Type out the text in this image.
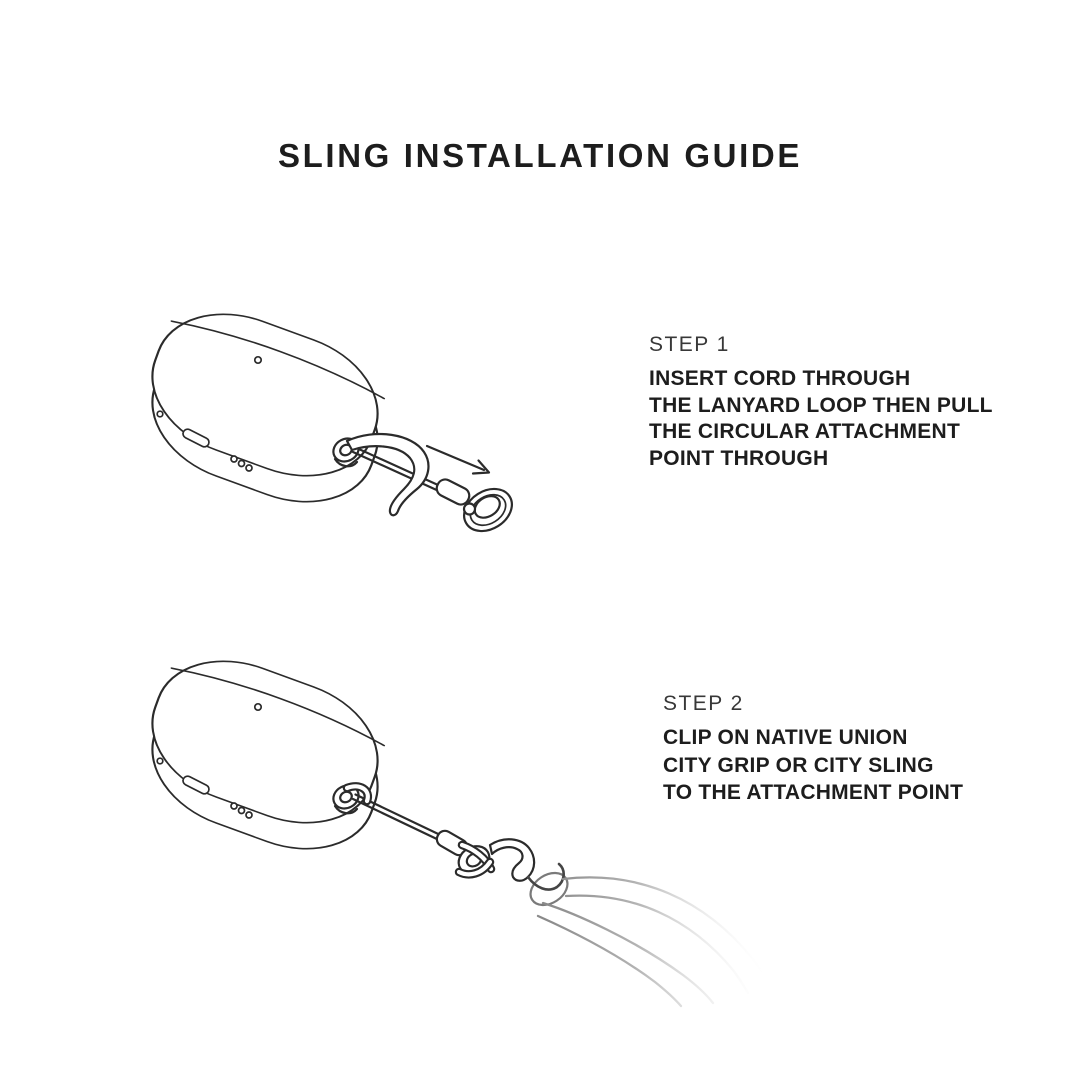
SLING INSTALLATION GUIDE
STEP 1
INSERT CORD THROUGH
THE LANYARD LOOP THEN PULL
THE CIRCULAR ATTACHMENT
POINT THROUGH
STEP 2
CLIP ON NATIVE UNION
CITY GRIP OR CITY SLING
TO THE ATTACHMENT POINT
